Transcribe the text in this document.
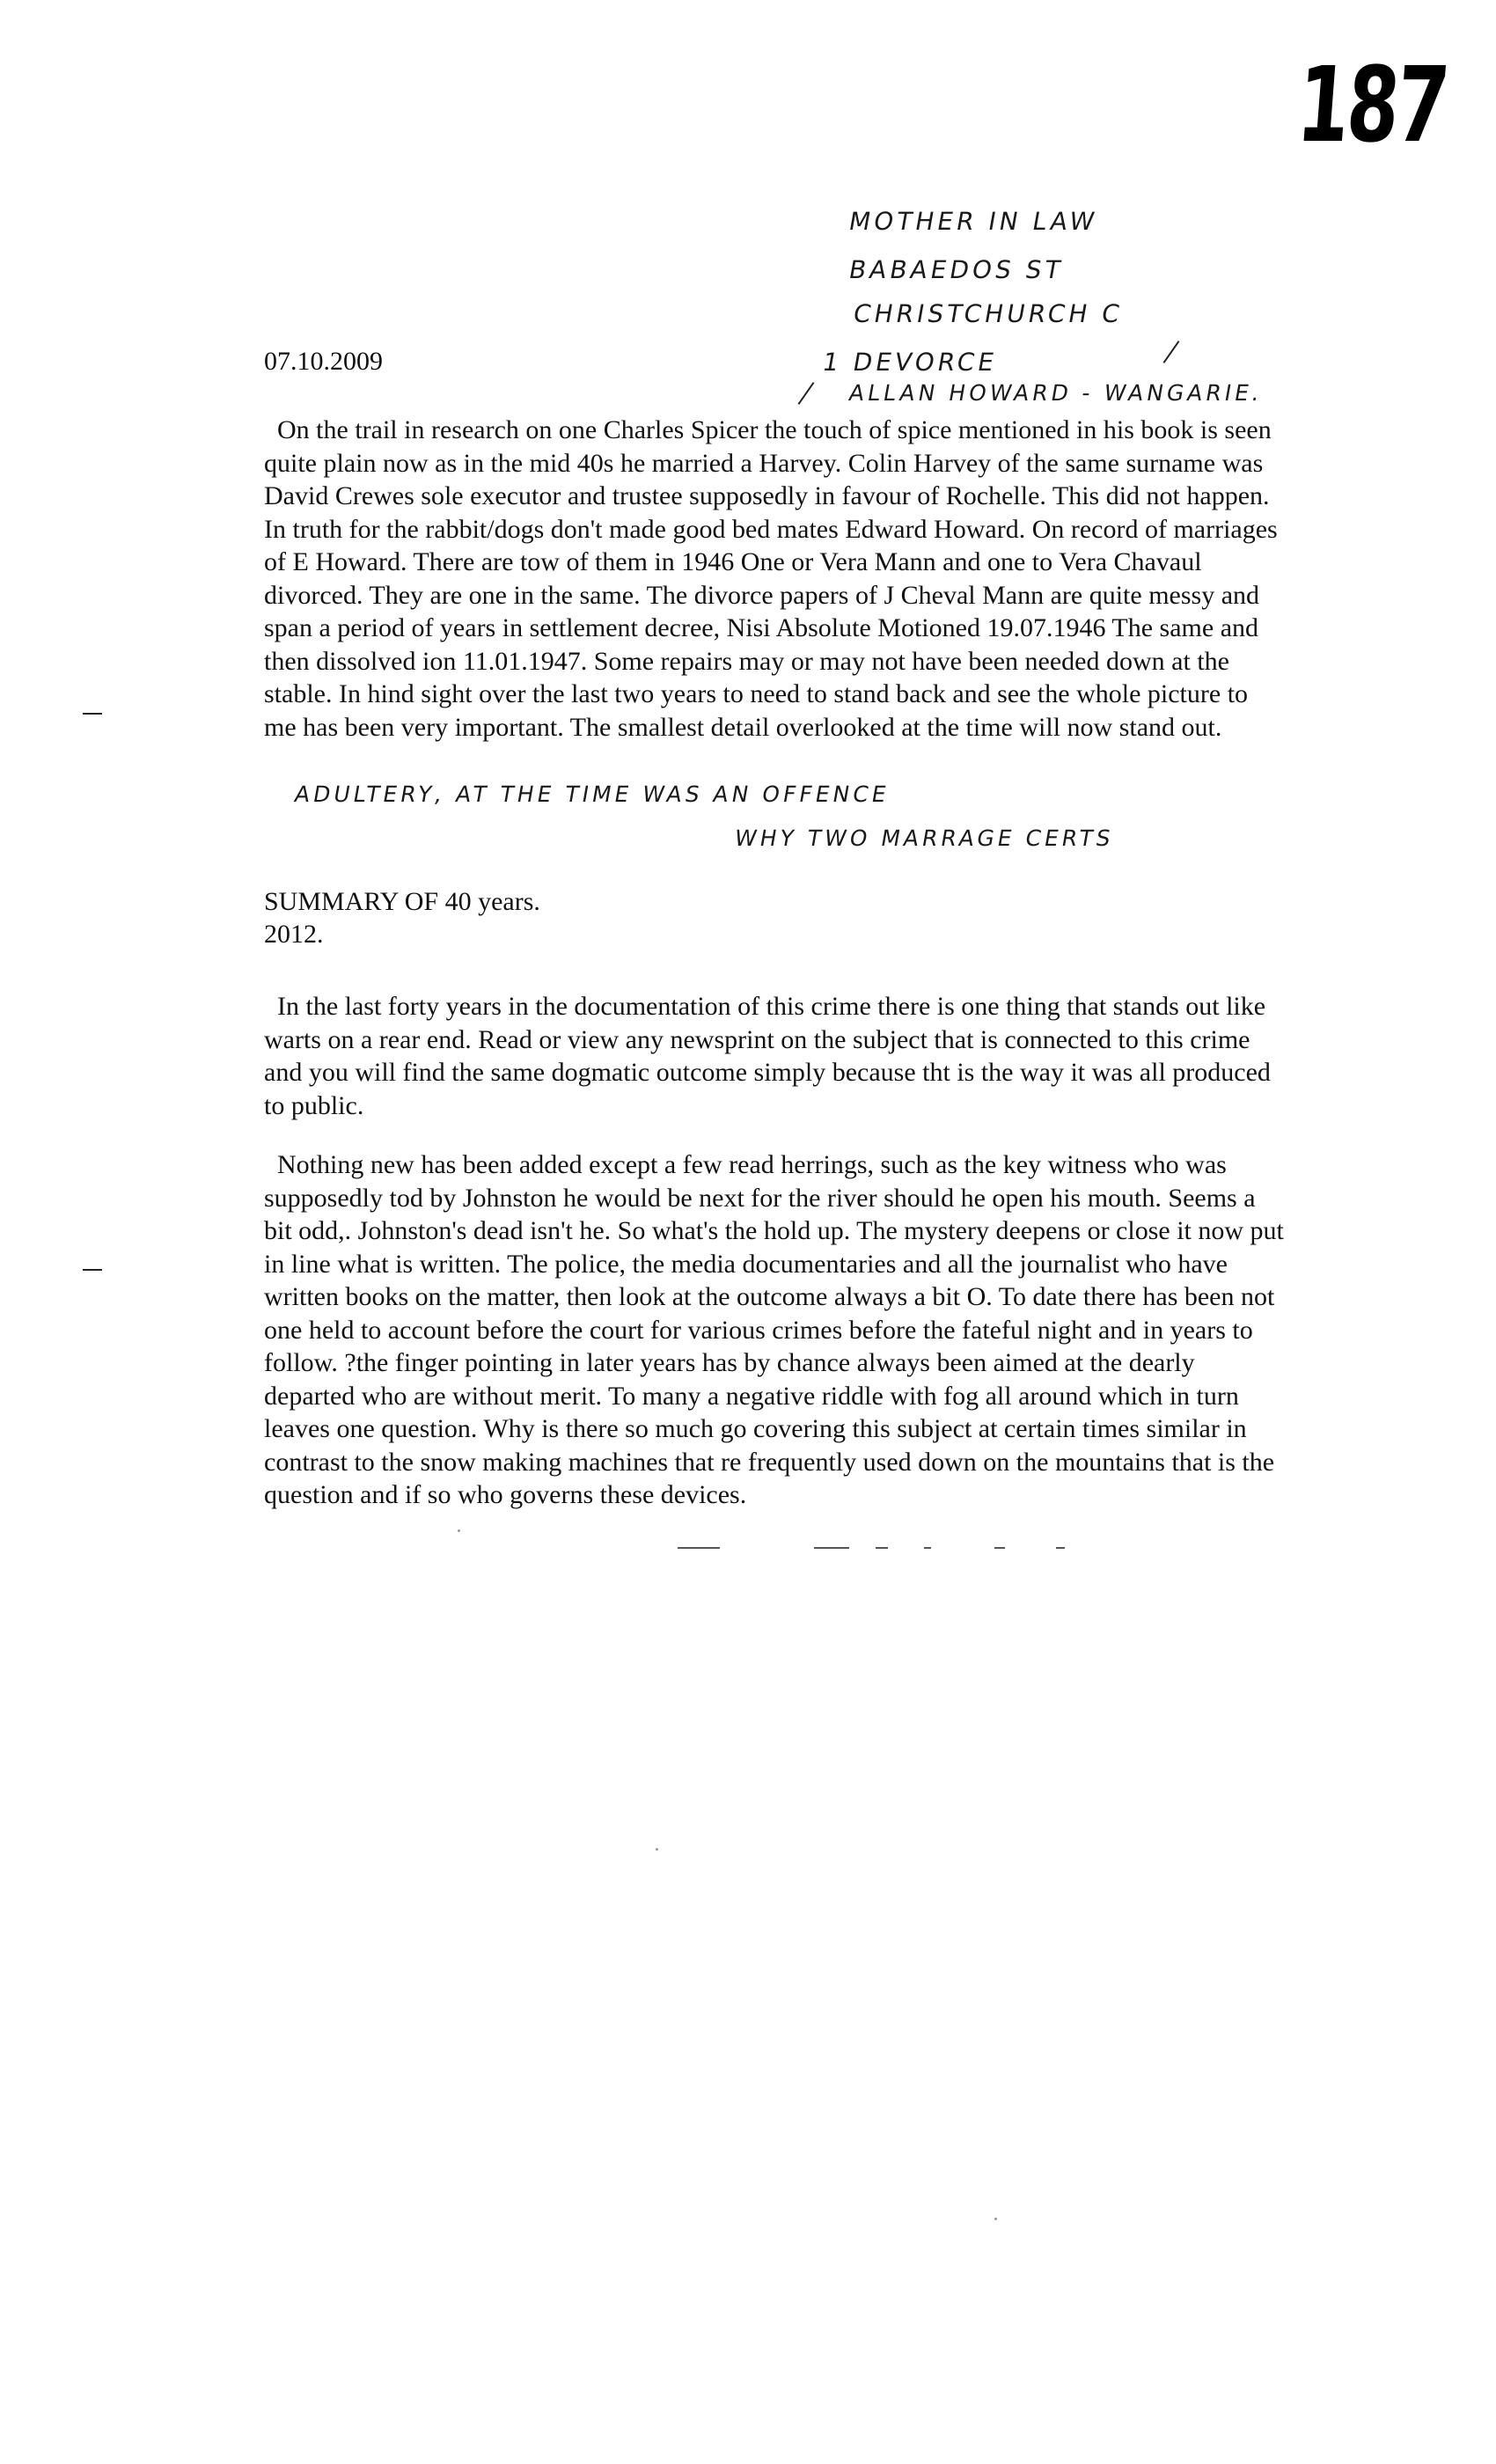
187
MOTHER IN LAW
BABAEDOS ST
CHRISTCHURCH C
1 DEVORCE
ALLAN HOWARD - WANGARIE.
07.10.2009

On the trail in research on one Charles Spicer the touch of spice mentioned in his book is seen quite plain now as in the mid 40s he married a Harvey. Colin Harvey of the same surname was David Crewes sole executor and trustee supposedly in favour of Rochelle. This did not happen. In truth for the rabbit/dogs don't made good bed mates Edward Howard. On record of marriages of E Howard. There are tow of them in 1946 One or Vera Mann and one to Vera Chavaul divorced. They are one in the same. The divorce papers of J Cheval Mann are quite messy and span a period of years in settlement decree, Nisi Absolute Motioned 19.07.1946 The same and then dissolved ion 11.01.1947. Some repairs may or may not have been needed down at the stable. In hind sight over the last two years to need to stand back and see the whole picture to me has been very important. The smallest detail overlooked at the time will now stand out.

ADULTERY, AT THE TIME WAS AN OFFENCE
WHY TWO MARRAGE CERTS
SUMMARY OF 40 years.
2012.

In the last forty years in the documentation of this crime there is one thing that stands out like warts on a rear end. Read or view any newsprint on the subject that is connected to this crime and you will find the same dogmatic outcome simply because tht is the way it was all produced to public.

Nothing new has been added except a few read herrings, such as the key witness who was supposedly tod by Johnston he would be next for the river should he open his mouth. Seems a bit odd,. Johnston's dead isn't he. So what's the hold up. The mystery deepens or close it now put in line what is written. The police, the media documentaries and all the journalist who have written books on the matter, then look at the outcome always a bit O. To date there has been not one held to account before the court for various crimes before the fateful night and in years to follow. ?the finger pointing in later years has by chance always been aimed at the dearly departed who are without merit. To many a negative riddle with fog all around which in turn leaves one question. Why is there so much go covering this subject at certain times similar in contrast to the snow making machines that re frequently used down on the mountains that is the question and if so who governs these devices.
